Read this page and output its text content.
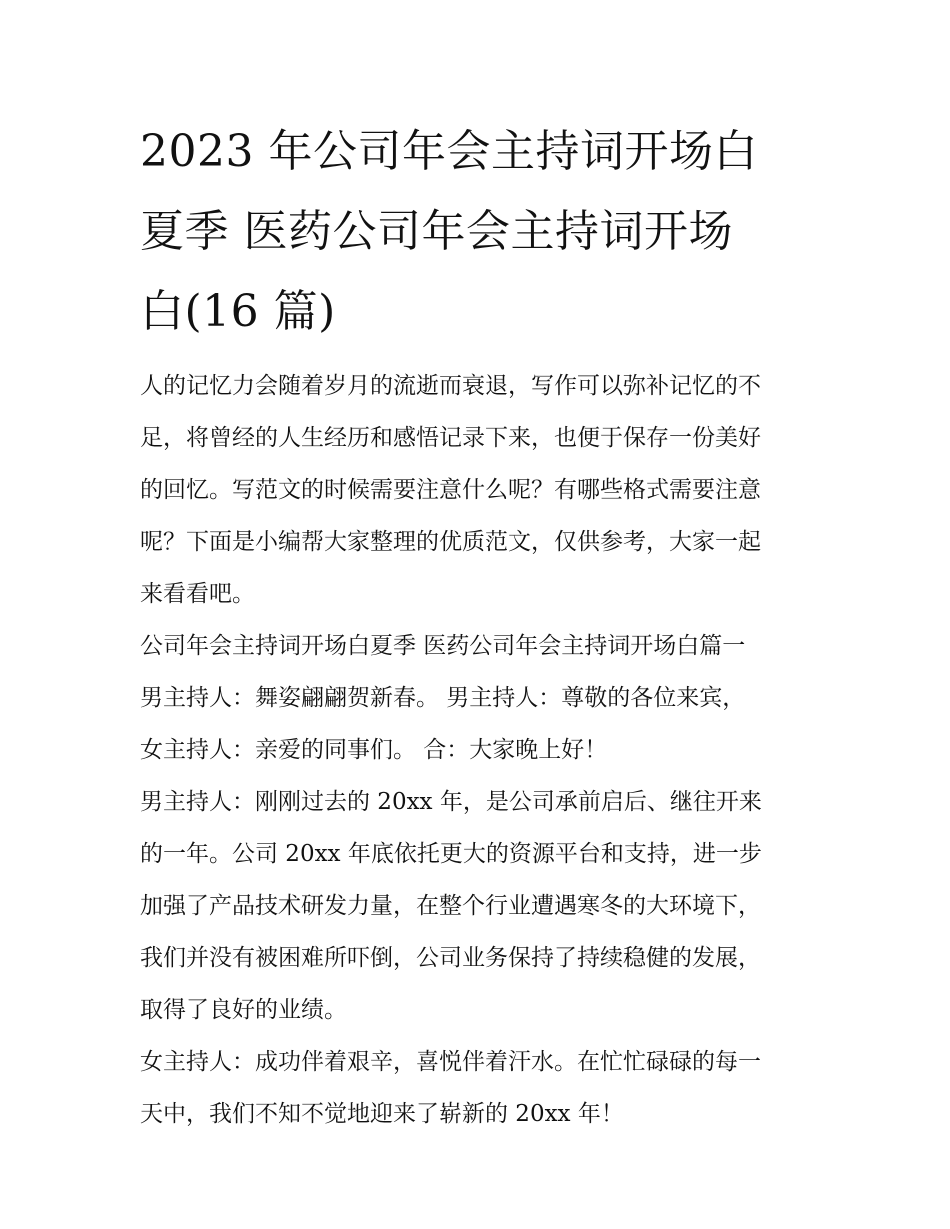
2023 年公司年会主持词开场白
夏季 医药公司年会主持词开场
白(16 篇)

人的记忆力会随着岁月的流逝而衰退，写作可以弥补记忆的不
足，将曾经的人生经历和感悟记录下来，也便于保存一份美好
的回忆。写范文的时候需要注意什么呢？有哪些格式需要注意
呢？下面是小编帮大家整理的优质范文，仅供参考，大家一起
来看看吧。

公司年会主持词开场白夏季 医药公司年会主持词开场白篇一

男主持人：舞姿翩翩贺新春。 男主持人：尊敬的各位来宾，

女主持人：亲爱的同事们。 合：大家晚上好！

男主持人：刚刚过去的 20xx 年，是公司承前启后、继往开来
的一年。公司 20xx 年底依托更大的资源平台和支持，进一步
加强了产品技术研发力量，在整个行业遭遇寒冬的大环境下，
我们并没有被困难所吓倒，公司业务保持了持续稳健的发展，
取得了良好的业绩。

女主持人：成功伴着艰辛，喜悦伴着汗水。在忙忙碌碌的每一
天中，我们不知不觉地迎来了崭新的 20xx 年！
